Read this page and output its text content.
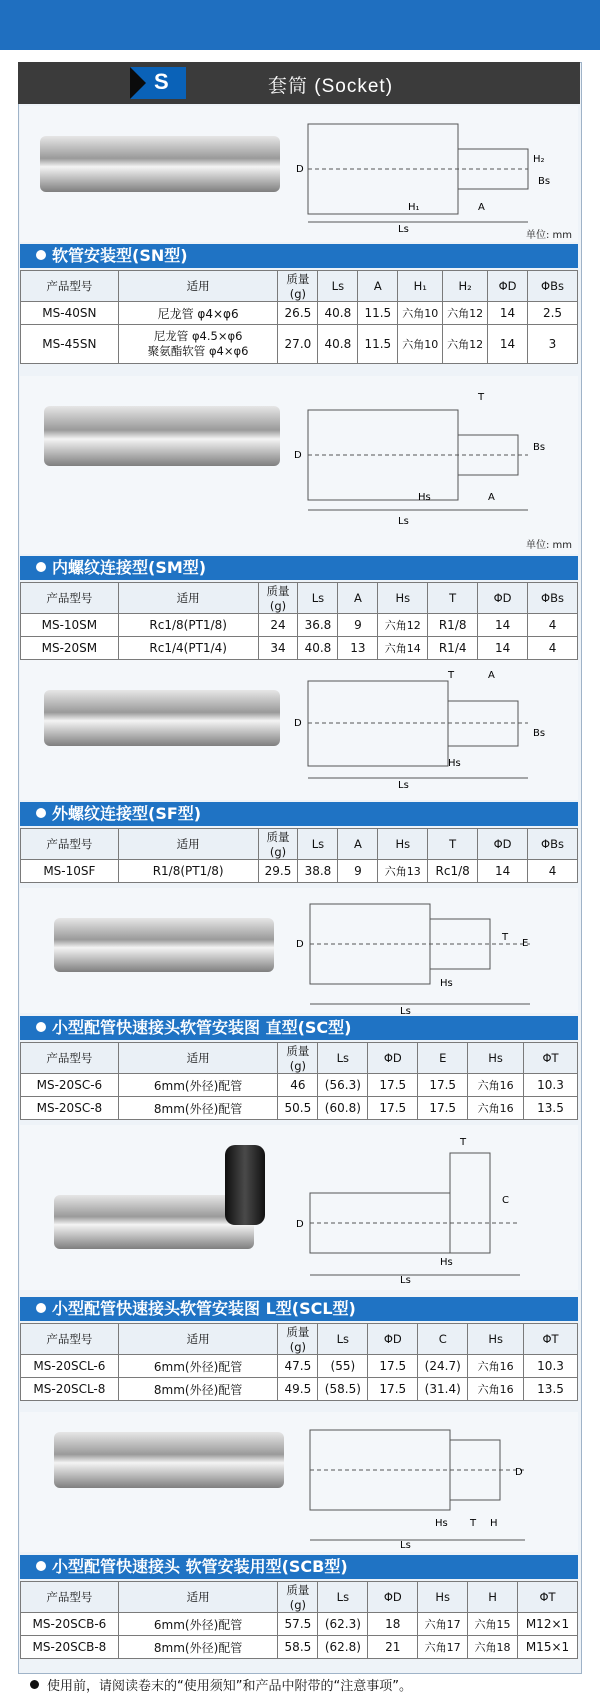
S	套筒 (Socket)
D
H₂
Bs
H₁	A
Ls
单位: mm
软管安装型(SN型)
产品型号	适用	质量(g)	Ls	A	H₁	H₂	ΦD	ΦBs
MS-40SN	尼龙管 φ4×φ6	26.5	40.8	11.5	六角10	六角12	14	2.5
MS-45SN	尼龙管 φ4.5×φ6
聚氨酯软管 φ4×φ6	27.0	40.8	11.5	六角10	六角12	14	3
T
D
Bs
Hs	A
Ls
单位: mm
内螺纹连接型(SM型)
产品型号	适用	质量(g)	Ls	A	Hs	T	ΦD	ΦBs
MS-10SM	Rc1/8(PT1/8)	24	36.8	9	六角12	R1/8	14	4
MS-20SM	Rc1/4(PT1/4)	34	40.8	13	六角14	R1/4	14	4
T	A
D
Bs
Hs
Ls
外螺纹连接型(SF型)
产品型号	适用	质量(g)	Ls	A	Hs	T	ΦD	ΦBs
MS-10SF	R1/8(PT1/8)	29.5	38.8	9	六角13	Rc1/8	14	4
D
T
E
Hs
Ls
小型配管快速接头软管安装图 直型(SC型)
产品型号	适用	质量(g)	Ls	ΦD	E	Hs	ΦT
MS-20SC-6	6mm(外径)配管	46	(56.3)	17.5	17.5	六角16	10.3
MS-20SC-8	8mm(外径)配管	50.5	(60.8)	17.5	17.5	六角16	13.5
T
D
C
Hs
Ls
小型配管快速接头软管安装图 L型(SCL型)
产品型号	适用	质量(g)	Ls	ΦD	C	Hs	ΦT
MS-20SCL-6	6mm(外径)配管	47.5	(55)	17.5	(24.7)	六角16	10.3
MS-20SCL-8	8mm(外径)配管	49.5	(58.5)	17.5	(31.4)	六角16	13.5
D
Hs T H
Ls
小型配管快速接头 软管安装用型(SCB型)
产品型号	适用	质量(g)	Ls	ΦD	Hs	H	ΦT
MS-20SCB-6	6mm(外径)配管	57.5	(62.3)	18	六角17	六角15	M12×1
MS-20SCB-8	8mm(外径)配管	58.5	(62.8)	21	六角17	六角18	M15×1
使用前，请阅读卷末的“使用须知”和产品中附带的“注意事项”。
